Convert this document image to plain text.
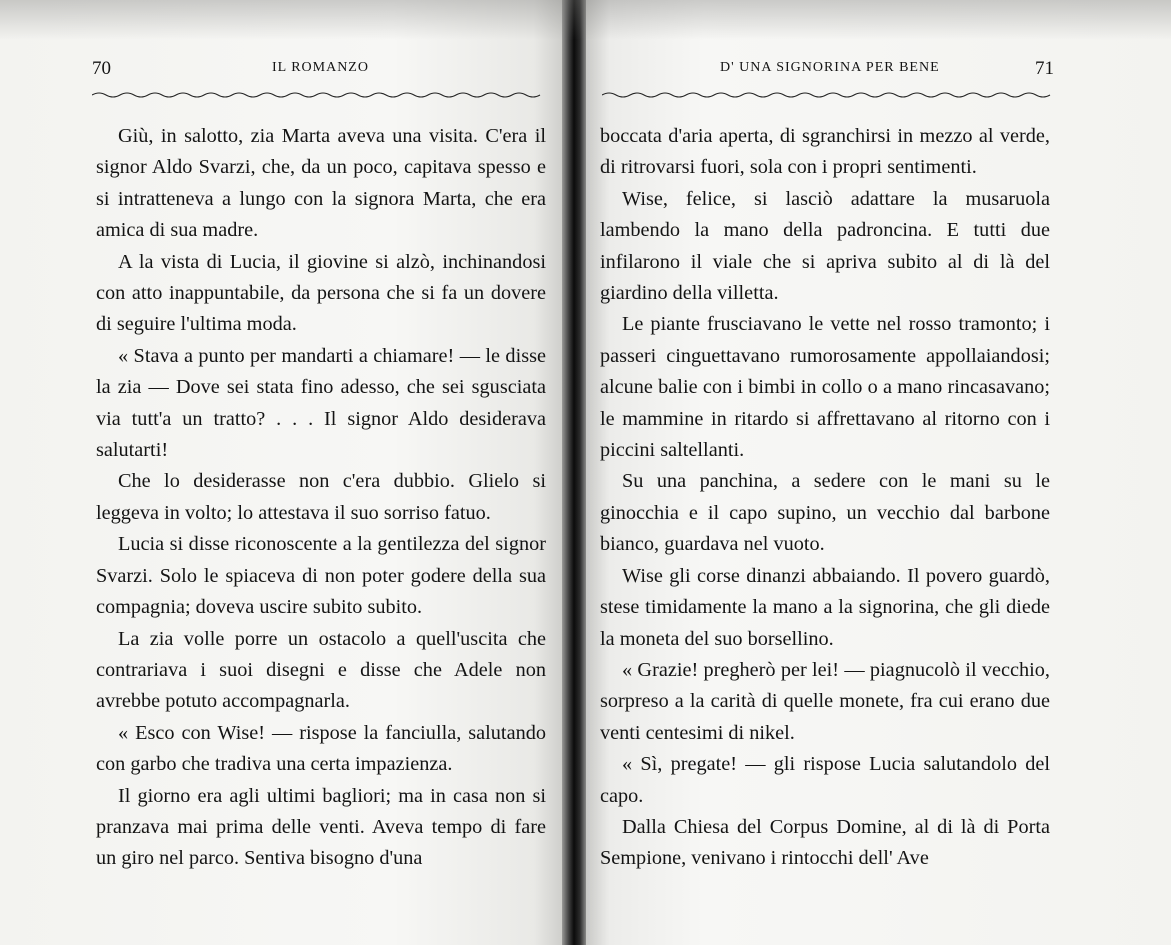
70	IL ROMANZO

Giù, in salotto, zia Marta aveva una visita. C'era il signor Aldo Svarzi, che, da un poco, capitava spesso e si intratteneva a lungo con la signora Marta, che era amica di sua madre.

A la vista di Lucia, il giovine si alzò, inchinandosi con atto inappuntabile, da persona che si fa un dovere di seguire l'ultima moda.

« Stava a punto per mandarti a chiamare! — le disse la zia — Dove sei stata fino adesso, che sei sgusciata via tutt'a un tratto? . . . Il signor Aldo desiderava salutarti!

Che lo desiderasse non c'era dubbio. Glielo si leggeva in volto; lo attestava il suo sorriso fatuo.

Lucia si disse riconoscente a la gentilezza del signor Svarzi. Solo le spiaceva di non poter godere della sua compagnia; doveva uscire subito subito.

La zia volle porre un ostacolo a quell'uscita che contrariava i suoi disegni e disse che Adele non avrebbe potuto accompagnarla.

« Esco con Wise! — rispose la fanciulla, salutando con garbo che tradiva una certa impazienza.

Il giorno era agli ultimi bagliori; ma in casa non si pranzava mai prima delle venti. Aveva tempo di fare un giro nel parco. Sentiva bisogno d'una

D' UNA SIGNORINA PER BENE	71

boccata d'aria aperta, di sgranchirsi in mezzo al verde, di ritrovarsi fuori, sola con i propri sentimenti.

Wise, felice, si lasciò adattare la musaruola lambendo la mano della padroncina. E tutti due infilarono il viale che si apriva subito al di là del giardino della villetta.

Le piante frusciavano le vette nel rosso tramonto; i passeri cinguettavano rumorosamente appollaiandosi; alcune balie con i bimbi in collo o a mano rincasavano; le mammine in ritardo si affrettavano al ritorno con i piccini saltellanti.

Su una panchina, a sedere con le mani su le ginocchia e il capo supino, un vecchio dal barbone bianco, guardava nel vuoto.

Wise gli corse dinanzi abbaiando. Il povero guardò, stese timidamente la mano a la signorina, che gli diede la moneta del suo borsellino.

« Grazie! pregherò per lei! — piagnucolò il vecchio, sorpreso a la carità di quelle monete, fra cui erano due venti centesimi di nikel.

« Sì, pregate! — gli rispose Lucia salutandolo del capo.

Dalla Chiesa del Corpus Domine, al di là di Porta Sempione, venivano i rintocchi dell' Ave
